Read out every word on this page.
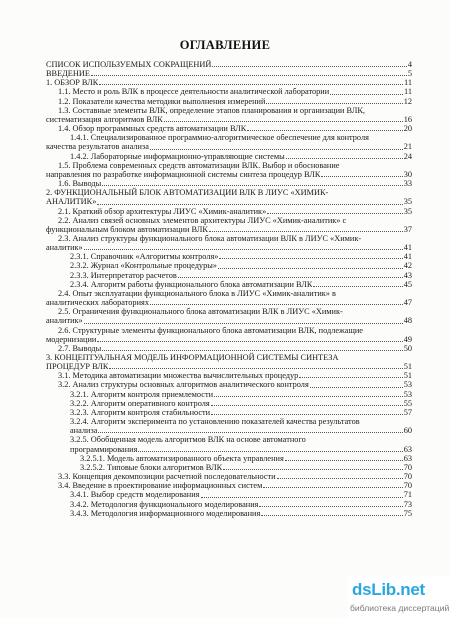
ОГЛАВЛЕНИЕ
СПИСОК ИСПОЛЬЗУЕМЫХ СОКРАЩЕНИЙ	4
ВВЕДЕНИЕ	5
1. ОБЗОР ВЛК	11
1.1. Место и роль ВЛК в процессе деятельности аналитической лаборатории	11
1.2. Показатели качества методики выполнения измерений	12
1.3. Составные элементы ВЛК, определение этапов планирования и организации ВЛК,
систематизация алгоритмов ВЛК	16
1.4. Обзор программных средств автоматизации ВЛК	20
1.4.1. Специализированное программно-алгоритмическое обеспечение для контроля
качества результатов анализа	21
1.4.2. Лабораторные информационно-управляющие системы	24
1.5. Проблема современных средств автоматизации ВЛК. Выбор и обоснование
направления по разработке информационной системы синтеза процедур ВЛК	30
1.6. Выводы	33
2. ФУНКЦИОНАЛЬНЫЙ БЛОК АВТОМАТИЗАЦИИ ВЛК В ЛИУС «ХИМИК-
АНАЛИТИК»	35
2.1. Краткий обзор архитектуры ЛИУС «Химик-аналитик»	35
2.2. Анализ связей основных элементов архитектуры ЛИУС «Химик-аналитик» с
функциональным блоком автоматизации ВЛК	37
2.3. Анализ структуры функционального блока автоматизации ВЛК в ЛИУС «Химик-
аналитик»	41
2.3.1. Справочник «Алгоритмы контроля»	41
2.3.2. Журнал «Контрольные процедуры»	42
2.3.3. Интерпретатор расчетов	43
2.3.4. Алгоритм работы функционального блока автоматизации ВЛК	45
2.4. Опыт эксплуатации функционального блока в ЛИУС «Химик-аналитик» в
аналитических лабораториях	47
2.5. Ограничения функционального блока автоматизации ВЛК в ЛИУС «Химик-
аналитик»	48
2.6. Структурные элементы функционального блока автоматизации ВЛК, подлежащие
модернизации	49
2.7. Выводы	50
3. КОНЦЕПТУАЛЬНАЯ МОДЕЛЬ ИНФОРМАЦИОННОЙ СИСТЕМЫ СИНТЕЗА
ПРОЦЕДУР ВЛК	51
3.1. Методика автоматизации множества вычислительных процедур	51
3.2. Анализ структуры основных алгоритмов аналитического контроля	53
3.2.1. Алгоритм контроля приемлемости	53
3.2.2. Алгоритм оперативного контроля	55
3.2.3. Алгоритм контроля стабильности	57
3.2.4. Алгоритм эксперимента по установлению показателей качества результатов
анализа	60
3.2.5. Обобщенная модель алгоритмов ВЛК на основе автоматного
программирования	63
3.2.5.1. Модель автоматизированного объекта управления	63
3.2.5.2. Типовые блоки алгоритмов ВЛК	70
3.3. Концепция декомпозиции расчетной последовательности	70
3.4. Введение в проектирование информационных систем	70
3.4.1. Выбор средств моделирования	71
3.4.2. Методология функционального моделирования	73
3.4.3. Методология информационного моделирования	75
dsLib.net
библиотека диссертаций
